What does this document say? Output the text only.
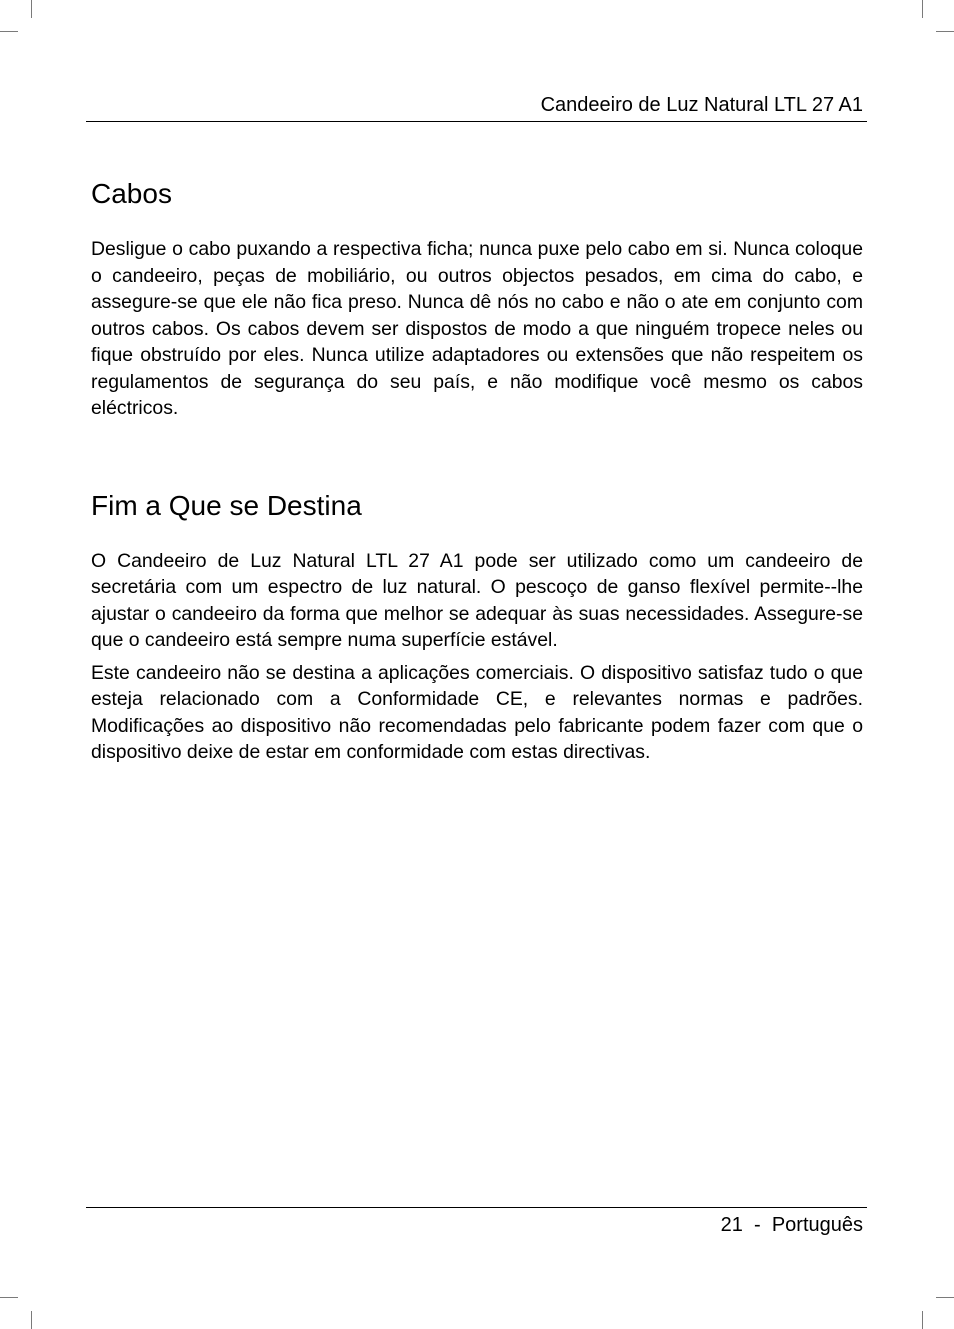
Candeeiro de Luz Natural LTL 27 A1
Cabos

Desligue o cabo puxando a respectiva ficha; nunca puxe pelo cabo em si. Nunca coloque o candeeiro, peças de mobiliário, ou outros objectos pesados, em cima do cabo, e assegure-se que ele não fica preso. Nunca dê nós no cabo e não o ate em conjunto com outros cabos. Os cabos devem ser dispostos de modo a que ninguém tropece neles ou fique obstruído por eles. Nunca utilize adaptadores ou extensões que não respeitem os regulamentos de segurança do seu país, e não modifique você mesmo os cabos eléctricos.

Fim a Que se Destina

O Candeeiro de Luz Natural LTL 27 A1 pode ser utilizado como um candeeiro de secretária com um espectro de luz natural. O pescoço de ganso flexível permite--lhe ajustar o candeeiro da forma que melhor se adequar às suas necessidades. Assegure-se que o candeeiro está sempre numa superfície estável.

Este candeeiro não se destina a aplicações comerciais. O dispositivo satisfaz tudo o que esteja relacionado com a Conformidade CE, e relevantes normas e padrões. Modificações ao dispositivo não recomendadas pelo fabricante podem fazer com que o dispositivo deixe de estar em conformidade com estas directivas.

21 - Português
